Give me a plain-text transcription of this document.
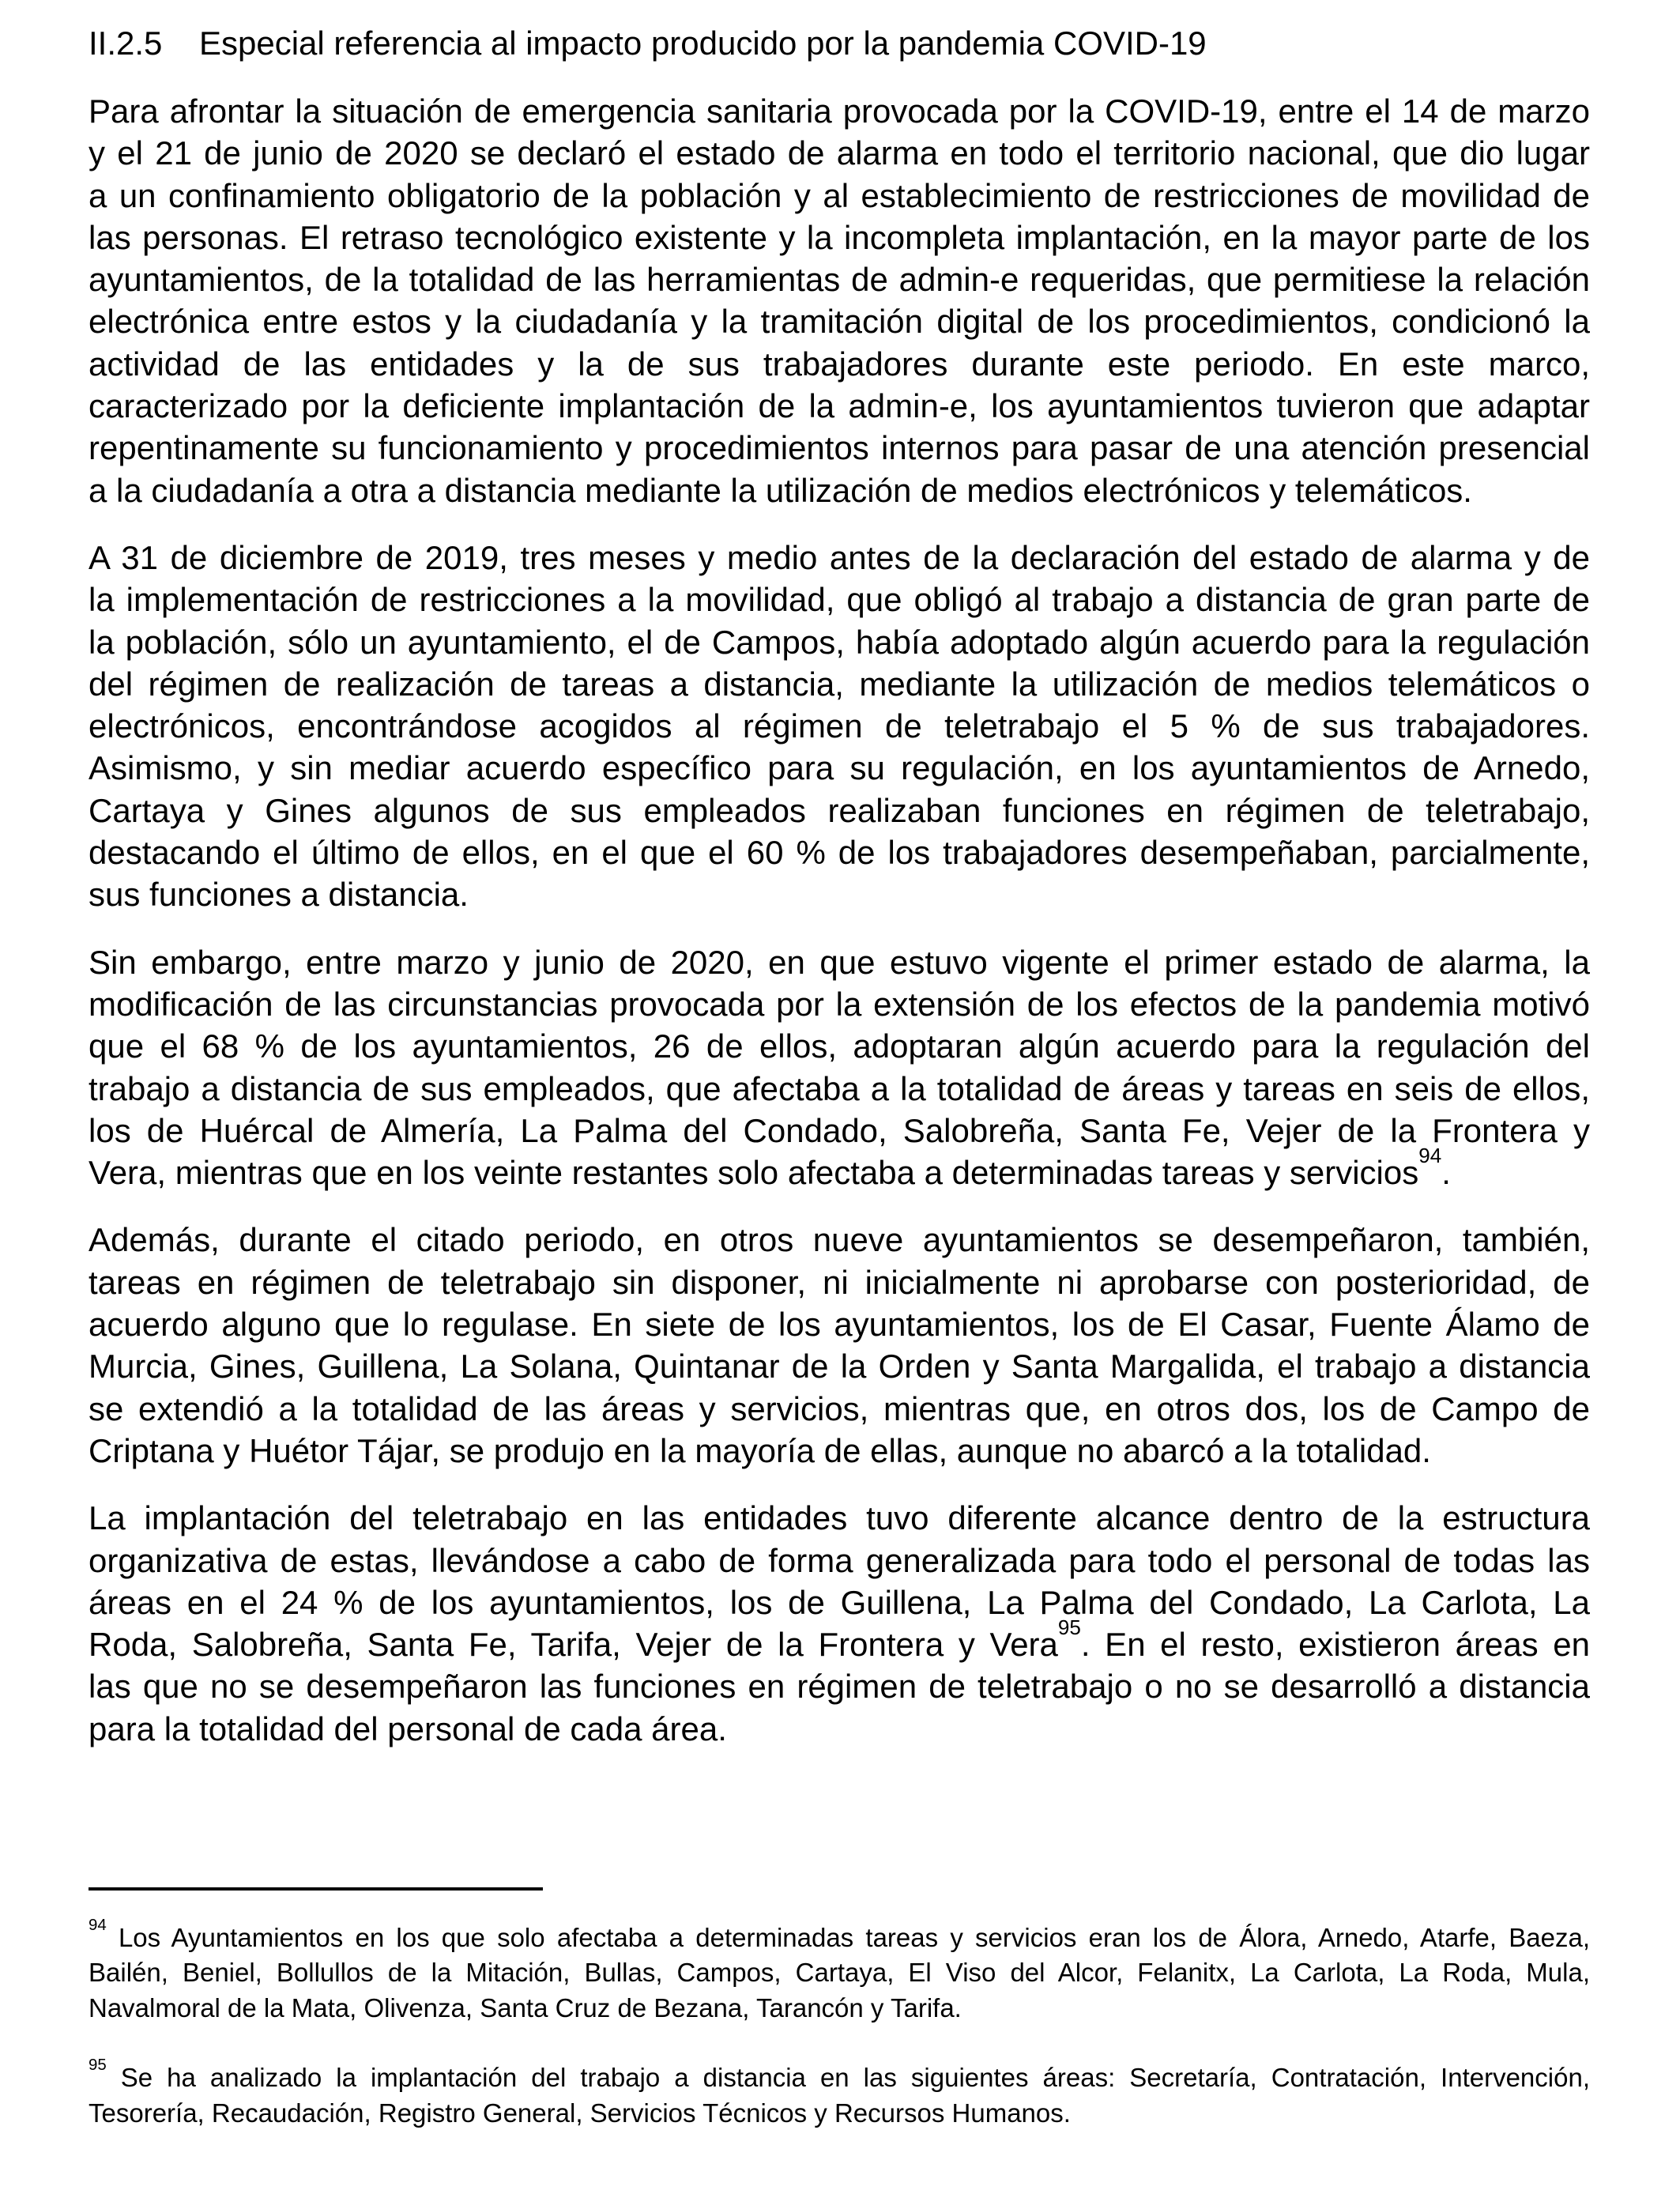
II.2.5 Especial referencia al impacto producido por la pandemia COVID-19
Para afrontar la situación de emergencia sanitaria provocada por la COVID-19, entre el 14 de marzo
y el 21 de junio de 2020 se declaró el estado de alarma en todo el territorio nacional, que dio lugar
a un confinamiento obligatorio de la población y al establecimiento de restricciones de movilidad de
las personas. El retraso tecnológico existente y la incompleta implantación, en la mayor parte de los
ayuntamientos, de la totalidad de las herramientas de admin-e requeridas, que permitiese la relación
electrónica entre estos y la ciudadanía y la tramitación digital de los procedimientos, condicionó la
actividad de las entidades y la de sus trabajadores durante este periodo. En este marco,
caracterizado por la deficiente implantación de la admin-e, los ayuntamientos tuvieron que adaptar
repentinamente su funcionamiento y procedimientos internos para pasar de una atención presencial
a la ciudadanía a otra a distancia mediante la utilización de medios electrónicos y telemáticos.
A 31 de diciembre de 2019, tres meses y medio antes de la declaración del estado de alarma y de
la implementación de restricciones a la movilidad, que obligó al trabajo a distancia de gran parte de
la población, sólo un ayuntamiento, el de Campos, había adoptado algún acuerdo para la regulación
del régimen de realización de tareas a distancia, mediante la utilización de medios telemáticos o
electrónicos, encontrándose acogidos al régimen de teletrabajo el 5 % de sus trabajadores.
Asimismo, y sin mediar acuerdo específico para su regulación, en los ayuntamientos de Arnedo,
Cartaya y Gines algunos de sus empleados realizaban funciones en régimen de teletrabajo,
destacando el último de ellos, en el que el 60 % de los trabajadores desempeñaban, parcialmente,
sus funciones a distancia.
Sin embargo, entre marzo y junio de 2020, en que estuvo vigente el primer estado de alarma, la
modificación de las circunstancias provocada por la extensión de los efectos de la pandemia motivó
que el 68 % de los ayuntamientos, 26 de ellos, adoptaran algún acuerdo para la regulación del
trabajo a distancia de sus empleados, que afectaba a la totalidad de áreas y tareas en seis de ellos,
los de Huércal de Almería, La Palma del Condado, Salobreña, Santa Fe, Vejer de la Frontera y
Vera, mientras que en los veinte restantes solo afectaba a determinadas tareas y servicios$^{94}$.
Además, durante el citado periodo, en otros nueve ayuntamientos se desempeñaron, también,
tareas en régimen de teletrabajo sin disponer, ni inicialmente ni aprobarse con posterioridad, de
acuerdo alguno que lo regulase. En siete de los ayuntamientos, los de El Casar, Fuente Álamo de
Murcia, Gines, Guillena, La Solana, Quintanar de la Orden y Santa Margalida, el trabajo a distancia
se extendió a la totalidad de las áreas y servicios, mientras que, en otros dos, los de Campo de
Criptana y Huétor Tájar, se produjo en la mayoría de ellas, aunque no abarcó a la totalidad.
La implantación del teletrabajo en las entidades tuvo diferente alcance dentro de la estructura
organizativa de estas, llevándose a cabo de forma generalizada para todo el personal de todas las
áreas en el 24 % de los ayuntamientos, los de Guillena, La Palma del Condado, La Carlota, La
Roda, Salobreña, Santa Fe, Tarifa, Vejer de la Frontera y Vera$^{95}$. En el resto, existieron áreas en
las que no se desempeñaron las funciones en régimen de teletrabajo o no se desarrolló a distancia
para la totalidad del personal de cada área.
$^{94}$ Los Ayuntamientos en los que solo afectaba a determinadas tareas y servicios eran los de Álora, Arnedo, Atarfe, Baeza,
Bailén, Beniel, Bollullos de la Mitación, Bullas, Campos, Cartaya, El Viso del Alcor, Felanitx, La Carlota, La Roda, Mula,
Navalmoral de la Mata, Olivenza, Santa Cruz de Bezana, Tarancón y Tarifa.
$^{95}$ Se ha analizado la implantación del trabajo a distancia en las siguientes áreas: Secretaría, Contratación, Intervención,
Tesorería, Recaudación, Registro General, Servicios Técnicos y Recursos Humanos.
